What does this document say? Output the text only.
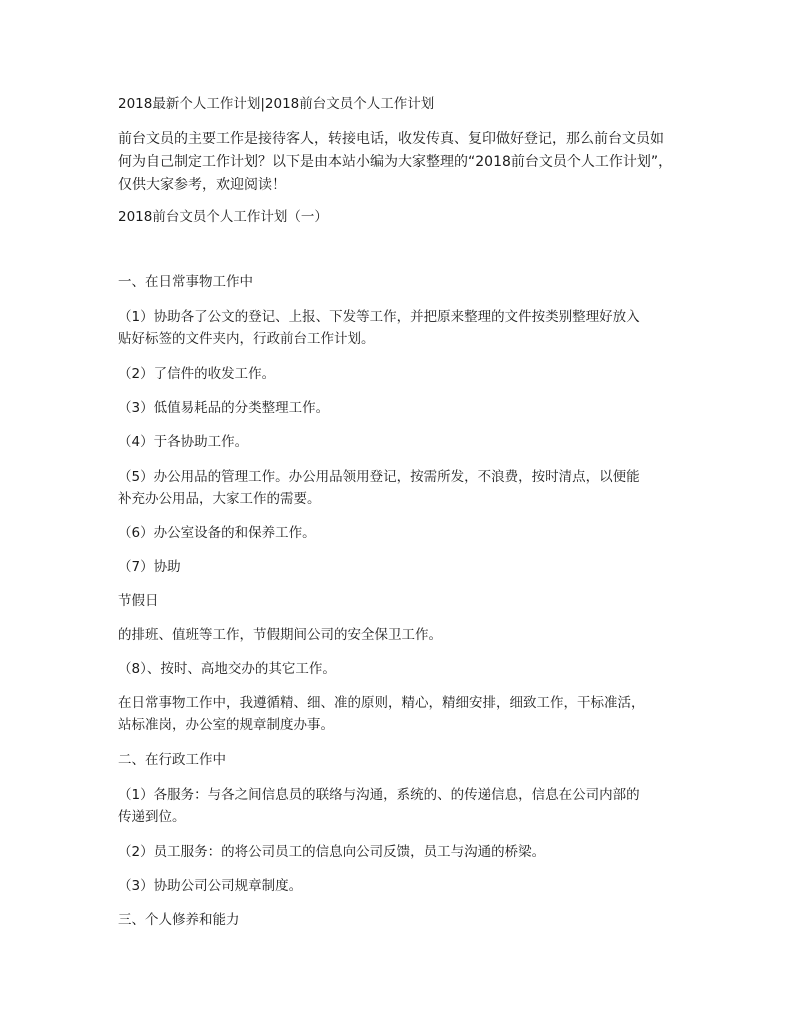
2018最新个人工作计划|2018前台文员个人工作计划

前台文员的主要工作是接待客人，转接电话，收发传真、复印做好登记，那么前台文员如

何为自己制定工作计划？以下是由本站小编为大家整理的“2018前台文员个人工作计划”，

仅供大家参考，欢迎阅读！

2018前台文员个人工作计划（一）

一、在日常事物工作中

（1）协助各了公文的登记、上报、下发等工作，并把原来整理的文件按类别整理好放入

贴好标签的文件夹内，行政前台工作计划。

（2）了信件的收发工作。

（3）低值易耗品的分类整理工作。

（4）于各协助工作。

（5）办公用品的管理工作。办公用品领用登记，按需所发，不浪费，按时清点，以便能

补充办公用品，大家工作的需要。

（6）办公室设备的和保养工作。

（7）协助

节假日

的排班、值班等工作，节假期间公司的安全保卫工作。

（8）、按时、高地交办的其它工作。

在日常事物工作中，我遵循精、细、准的原则，精心，精细安排，细致工作，干标准活，

站标准岗，办公室的规章制度办事。

二、在行政工作中

（1）各服务：与各之间信息员的联络与沟通，系统的、的传递信息，信息在公司内部的

传递到位。

（2）员工服务：的将公司员工的信息向公司反馈，员工与沟通的桥梁。

（3）协助公司公司规章制度。

三、个人修养和能力
